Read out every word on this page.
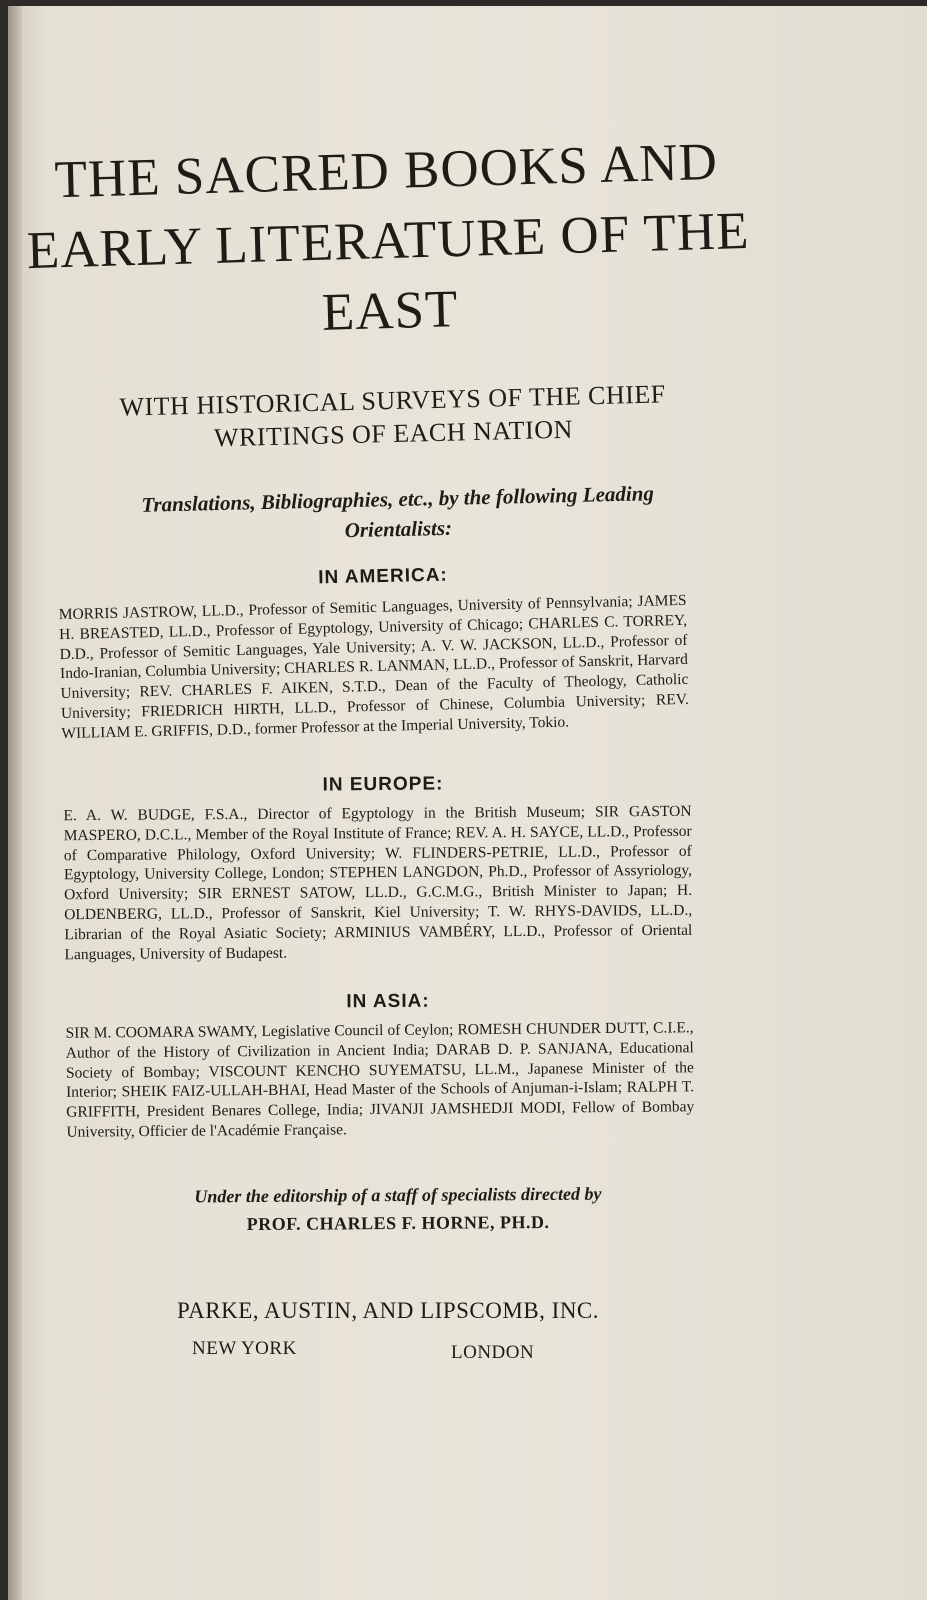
THE SACRED BOOKS AND EARLY LITERATURE OF THE EAST
WITH HISTORICAL SURVEYS OF THE CHIEF WRITINGS OF EACH NATION
Translations, Bibliographies, etc., by the following Leading Orientalists:
IN AMERICA:
MORRIS JASTROW, LL.D., Professor of Semitic Languages, University of Pennsylvania; JAMES H. BREASTED, LL.D., Professor of Egyptology, University of Chicago; CHARLES C. TORREY, D.D., Professor of Semitic Languages, Yale University; A. V. W. JACKSON, LL.D., Professor of Indo-Iranian, Columbia University; CHARLES R. LANMAN, LL.D., Professor of Sanskrit, Harvard University; REV. CHARLES F. AIKEN, S.T.D., Dean of the Faculty of Theology, Catholic University; FRIEDRICH HIRTH, LL.D., Professor of Chinese, Columbia University; REV. WILLIAM E. GRIFFIS, D.D., former Professor at the Imperial University, Tokio.
IN EUROPE:
E. A. W. BUDGE, F.S.A., Director of Egyptology in the British Museum; SIR GASTON MASPERO, D.C.L., Member of the Royal Institute of France; REV. A. H. SAYCE, LL.D., Professor of Comparative Philology, Oxford University; W. FLINDERS-PETRIE, LL.D., Professor of Egyptology, University College, London; STEPHEN LANGDON, Ph.D., Professor of Assyriology, Oxford University; SIR ERNEST SATOW, LL.D., G.C.M.G., British Minister to Japan; H. OLDENBERG, LL.D., Professor of Sanskrit, Kiel University; T. W. RHYS-DAVIDS, LL.D., Librarian of the Royal Asiatic Society; ARMINIUS VAMBÉRY, LL.D., Professor of Oriental Languages, University of Budapest.
IN ASIA:
SIR M. COOMARA SWAMY, Legislative Council of Ceylon; ROMESH CHUNDER DUTT, C.I.E., Author of the History of Civilization in Ancient India; DARAB D. P. SANJANA, Educational Society of Bombay; VISCOUNT KENCHO SUYEMATSU, LL.M., Japanese Minister of the Interior; SHEIK FAIZ-ULLAH-BHAI, Head Master of the Schools of Anjuman-i-Islam; RALPH T. GRIFFITH, President Benares College, India; JIVANJI JAMSHEDJI MODI, Fellow of Bombay University, Officier de l'Académie Française.
Under the editorship of a staff of specialists directed by
PROF. CHARLES F. HORNE, PH.D.
PARKE, AUSTIN, AND LIPSCOMB, INC.
NEW YORK	LONDON
